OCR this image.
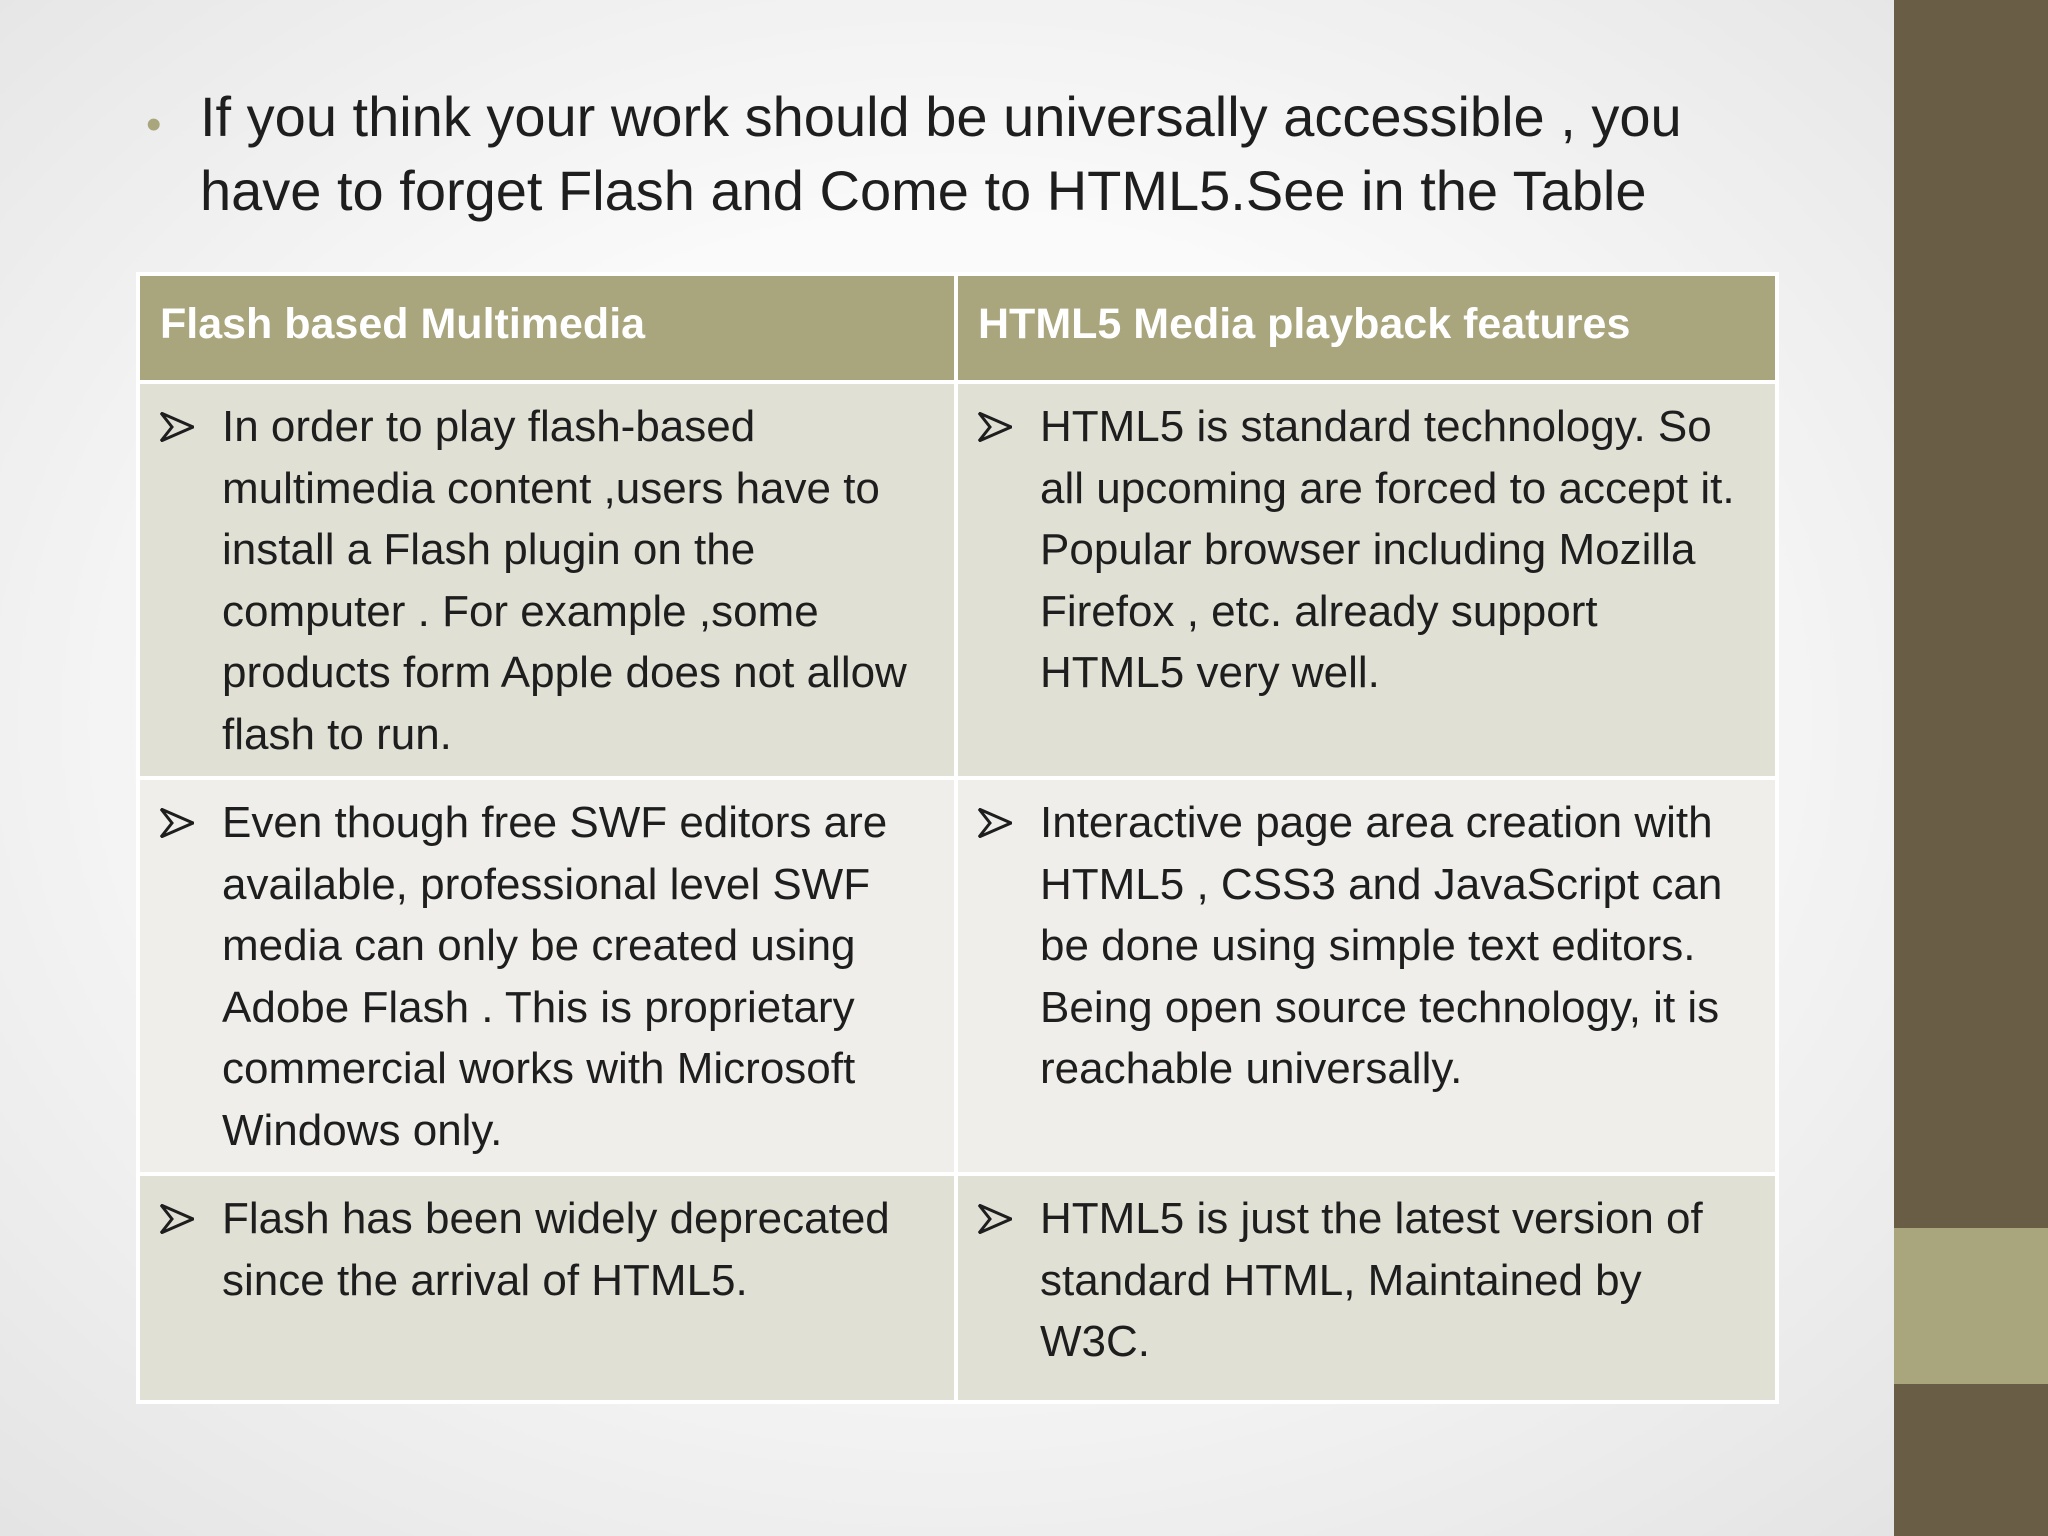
• If you think your work should be universally accessible , you have to forget Flash and Come to HTML5.See in the Table
Flash based Multimedia	HTML5 Media playback features

In order to play flash-based multimedia content ,users have to install a Flash plugin on the computer . For example ,some products form Apple does not allow flash to run.	HTML5 is standard technology. So all upcoming are forced to accept it. Popular browser including Mozilla Firefox , etc. already support HTML5 very well.

Even though free SWF editors are available, professional level SWF media can only be created using Adobe Flash . This is proprietary commercial works with Microsoft Windows only.	Interactive page area creation with HTML5 , CSS3 and JavaScript can be done using simple text editors. Being open source technology, it is reachable universally.

Flash has been widely deprecated since the arrival of HTML5.	HTML5 is just the latest version of standard HTML, Maintained by W3C.
